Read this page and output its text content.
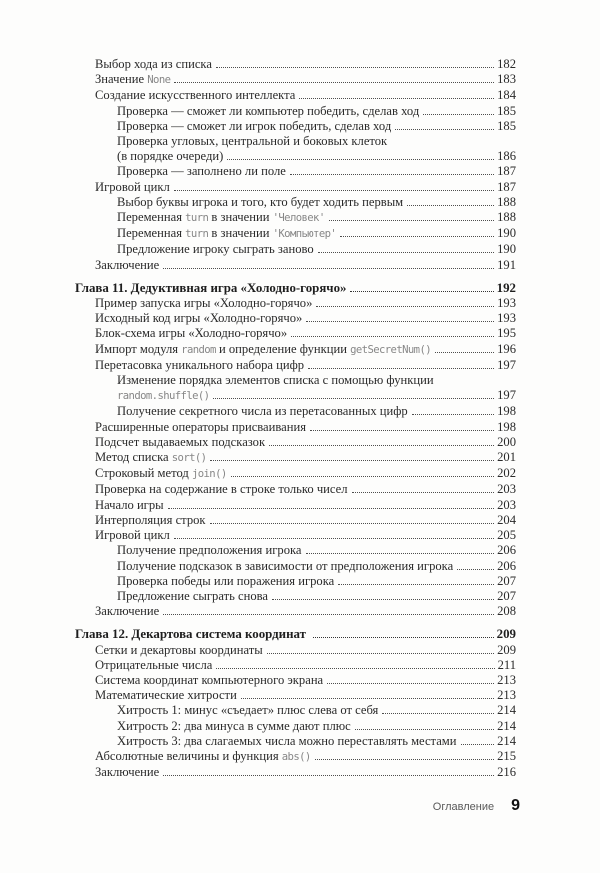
Выбор хода из списка	182
Значение None	183
Создание искусственного интеллекта	184
Проверка — сможет ли компьютер победить, сделав ход	185
Проверка — сможет ли игрок победить, сделав ход	185
Проверка угловых, центральной и боковых клеток
(в порядке очереди)	186
Проверка — заполнено ли поле	187
Игровой цикл	187
Выбор буквы игрока и того, кто будет ходить первым	188
Переменная turn в значении 'Человек'	188
Переменная turn в значении 'Компьютер'	190
Предложение игроку сыграть заново	190
Заключение	191
Глава 11. Дедуктивная игра «Холодно-горячо»	192
Пример запуска игры «Холодно-горячо»	193
Исходный код игры «Холодно-горячо»	193
Блок-схема игры «Холодно-горячо»	195
Импорт модуля random и определение функции getSecretNum()	196
Перетасовка уникального набора цифр	197
Изменение порядка элементов списка с помощью функции
random.shuffle()	197
Получение секретного числа из перетасованных цифр	198
Расширенные операторы присваивания	198
Подсчет выдаваемых подсказок	200
Метод списка sort()	201
Строковый метод join()	202
Проверка на содержание в строке только чисел	203
Начало игры	203
Интерполяция строк	204
Игровой цикл	205
Получение предположения игрока	206
Получение подсказок в зависимости от предположения игрока	206
Проверка победы или поражения игрока	207
Предложение сыграть снова	207
Заключение	208
Глава 12. Декартова система координат	209
Сетки и декартовы координаты	209
Отрицательные числа	211
Система координат компьютерного экрана	213
Математические хитрости	213
Хитрость 1: минус «съедает» плюс слева от себя	214
Хитрость 2: два минуса в сумме дают плюс	214
Хитрость 3: два слагаемых числа можно переставлять местами	214
Абсолютные величины и функция abs()	215
Заключение	216
Оглавление 9
